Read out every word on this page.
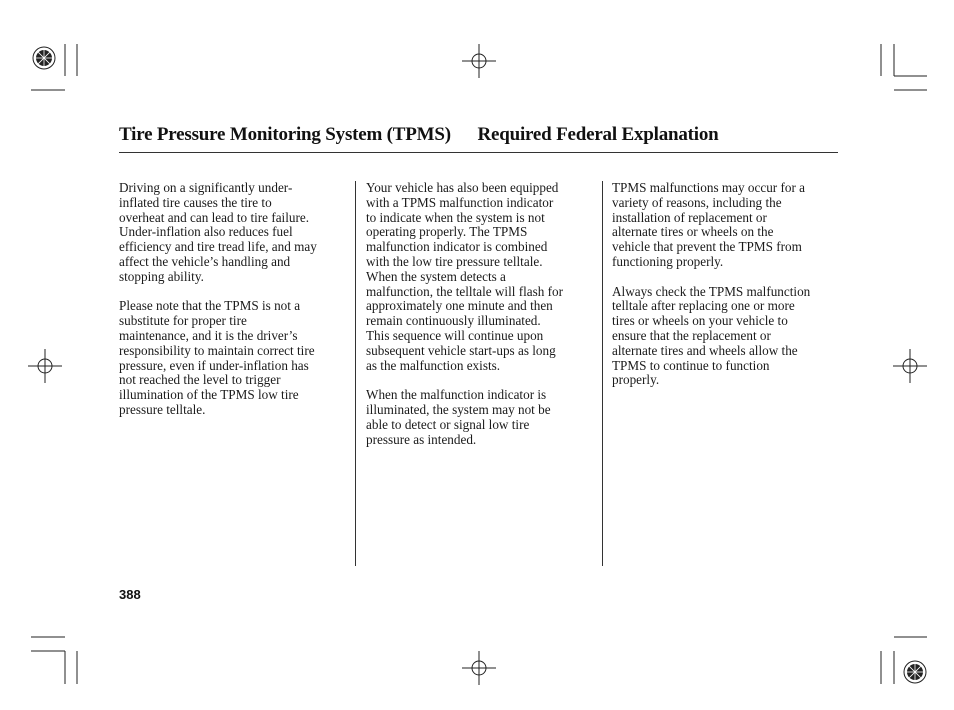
Tire Pressure Monitoring System (TPMS) Required Federal Explanation

Driving on a significantly under-
inflated tire causes the tire to
overheat and can lead to tire failure.
Under-inflation also reduces fuel
efficiency and tire tread life, and may
affect the vehicle’s handling and
stopping ability.

Please note that the TPMS is not a
substitute for proper tire
maintenance, and it is the driver’s
responsibility to maintain correct tire
pressure, even if under-inflation has
not reached the level to trigger
illumination of the TPMS low tire
pressure telltale.

Your vehicle has also been equipped
with a TPMS malfunction indicator
to indicate when the system is not
operating properly. The TPMS
malfunction indicator is combined
with the low tire pressure telltale.
When the system detects a
malfunction, the telltale will flash for
approximately one minute and then
remain continuously illuminated.
This sequence will continue upon
subsequent vehicle start-ups as long
as the malfunction exists.

When the malfunction indicator is
illuminated, the system may not be
able to detect or signal low tire
pressure as intended.

TPMS malfunctions may occur for a
variety of reasons, including the
installation of replacement or
alternate tires or wheels on the
vehicle that prevent the TPMS from
functioning properly.

Always check the TPMS malfunction
telltale after replacing one or more
tires or wheels on your vehicle to
ensure that the replacement or
alternate tires and wheels allow the
TPMS to continue to function
properly.

388
